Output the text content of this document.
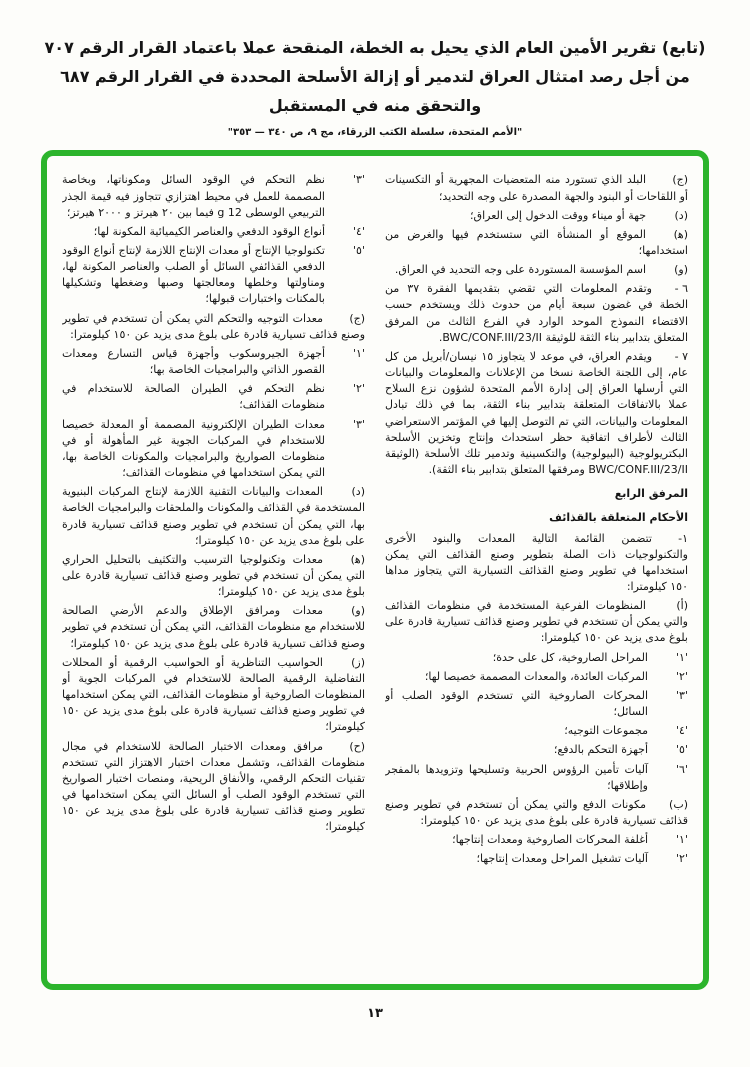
(تابع) تقرير الأمين العام الذي يحيل به الخطة، المنقحة عملا باعتماد القرار الرقم ٧٠٧
من أجل رصد امتثال العراق لتدمير أو إزالة الأسلحة المحددة في القرار الرقم ٦٨٧
والتحقق منه في المستقبل
"الأمم المتحدة، سلسلة الكتب الزرقاء، مج ٩، ص ٣٤٠ — ٣٥٣"

(ج)البلد الذي تستورد منه المتعضيات المجهرية أو التكسينات أو اللقاحات أو البنود والجهة المصدرة على وجه التحديد؛

(د)جهة أو ميناء ووقت الدخول إلى العراق؛

(ﻫ)الموقع أو المنشأة التي ستستخدم فيها والغرض من استخدامها؛

(و)اسم المؤسسة المستوردة على وجه التحديد في العراق.

٦ -وتقدم المعلومات التي تقضي بتقديمها الفقرة ٣٧ من الخطة في غضون سبعة أيام من حدوث ذلك ويستخدم حسب الاقتضاء النموذج الموحد الوارد في الفرع الثالث من المرفق المتعلق بتدابير بناء الثقة للوثيقة BWC/CONF.III/23/II.

٧ -ويقدم العراق، في موعد لا يتجاوز ١٥ نيسان/أبريل من كل عام، إلى اللجنة الخاصة نسخا من الإعلانات والمعلومات والبيانات التي أرسلها العراق إلى إدارة الأمم المتحدة لشؤون نزع السلاح عملا بالاتفاقات المتعلقة بتدابير بناء الثقة، بما في ذلك تبادل المعلومات والبيانات، التي تم التوصل إليها في المؤتمر الاستعراضي الثالث لأطراف اتفاقية حظر استحداث وإنتاج وتخزين الأسلحة البكتريولوجية (البيولوجية) والتكسينية وتدمير تلك الأسلحة (الوثيقة BWC/CONF.III/23/II ومرفقها المتعلق بتدابير بناء الثقة).

المرفق الرابع

الأحكام المتعلقة بالقذائف

١-تتضمن القائمة التالية المعدات والبنود الأخرى والتكنولوجيات ذات الصلة بتطوير وصنع القذائف التي يمكن استخدامها في تطوير وصنع القذائف التسيارية التي يتجاوز مداها ١٥٠ كيلومترا:

(أ)المنظومات الفرعية المستخدمة في منظومات القذائف والتي يمكن أن تستخدم في تطوير وصنع قذائف تسيارية قادرة على بلوغ مدى يزيد عن ١٥٠ كيلومترا:

'١'المراحل الصاروخية، كل على حدة؛

'٢'المركبات العائدة، والمعدات المصممة خصيصا لها؛

'٣'المحركات الصاروخية التي تستخدم الوقود الصلب أو السائل؛

'٤'مجموعات التوجيه؛

'٥'أجهزة التحكم بالدفع؛

'٦'آليات تأمين الرؤوس الحربية وتسليحها وتزويدها بالمفجر وإطلاقها؛

(ب)مكونات الدفع والتي يمكن أن تستخدم في تطوير وصنع قذائف تسيارية قادرة على بلوغ مدى يزيد عن ١٥٠ كيلومترا:

'١'أغلفة المحركات الصاروخية ومعدات إنتاجها؛

'٢'آليات تشغيل المراحل ومعدات إنتاجها؛

'٣'نظم التحكم في الوقود السائل ومكوناتها، وبخاصة المصممة للعمل في محيط اهتزازي تتجاوز فيه قيمة الجذر التربيعي الوسطى 12 g فيما بين ٢٠ هيرتز و ٢٠٠٠ هيرتز؛

'٤'أنواع الوقود الدفعي والعناصر الكيميائية المكونة لها؛

'٥'تكنولوجيا الإنتاج أو معدات الإنتاج اللازمة لإنتاج أنواع الوقود الدفعي القذائفي السائل أو الصلب والعناصر المكونة لها، ومناولتها وخلطها ومعالجتها وصبها وضغطها وتشكيلها بالمكنات واختبارات قبولها؛

(ج)معدات التوجيه والتحكم التي يمكن أن تستخدم في تطوير وصنع قذائف تسيارية قادرة على بلوغ مدى يزيد عن ١٥٠ كيلومترا:

'١'أجهزة الجيروسكوب وأجهزة قياس التسارع ومعدات القصور الذاتي والبرامجيات الخاصة بها؛

'٢'نظم التحكم في الطيران الصالحة للاستخدام في منظومات القذائف؛

'٣'معدات الطيران الإلكترونية المصممة أو المعدلة خصيصا للاستخدام في المركبات الجوية غير المأهولة أو في منظومات الصواريخ والبرامجيات والمكونات الخاصة بها، التي يمكن استخدامها في منظومات القذائف؛

(د)المعدات والبيانات التقنية اللازمة لإنتاج المركبات البنيوية المستخدمة في القذائف والمكونات والملحقات والبرامجيات الخاصة بها، التي يمكن أن تستخدم في تطوير وصنع قذائف تسيارية قادرة على بلوغ مدى يزيد عن ١٥٠ كيلومترا؛

(ﻫ)معدات وتكنولوجيا الترسيب والتكثيف بالتحليل الحراري التي يمكن أن تستخدم في تطوير وصنع قذائف تسيارية قادرة على بلوغ مدى يزيد عن ١٥٠ كيلومترا؛

(و)معدات ومرافق الإطلاق والدعم الأرضي الصالحة للاستخدام مع منظومات القذائف، التي يمكن أن تستخدم في تطوير وصنع قذائف تسيارية قادرة على بلوغ مدى يزيد عن ١٥٠ كيلومترا؛

(ز)الحواسيب التناظرية أو الحواسيب الرقمية أو المحللات التفاضلية الرقمية الصالحة للاستخدام في المركبات الجوية أو المنظومات الصاروخية أو منظومات القذائف، التي يمكن استخدامها في تطوير وصنع قذائف تسيارية قادرة على بلوغ مدى يزيد عن ١٥٠ كيلومترا؛

(ح)مرافق ومعدات الاختبار الصالحة للاستخدام في مجال منظومات القذائف، وتشمل معدات اختبار الاهتزاز التي تستخدم تقنيات التحكم الرقمي، والأنفاق الريحية، ومنصات اختبار الصواريخ التي تستخدم الوقود الصلب أو السائل التي يمكن استخدامها في تطوير وصنع قذائف تسيارية قادرة على بلوغ مدى يزيد عن ١٥٠ كيلومترا؛

١٣
